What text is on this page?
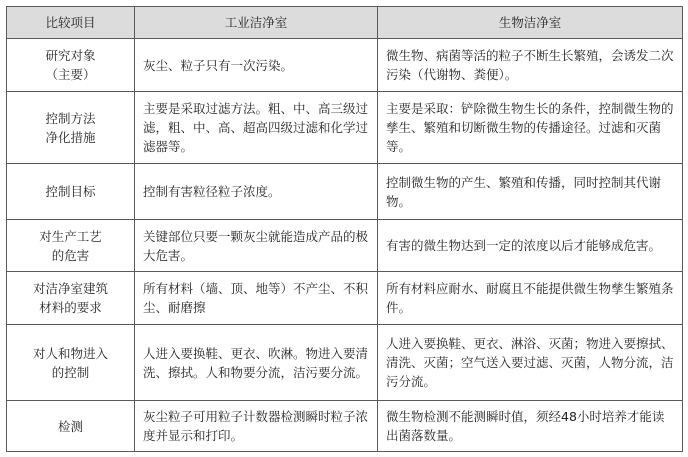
比较项目	工业洁净室	生物洁净室

研究对象
（主要）	灰尘、粒子只有一次污染。	微生物、病菌等活的粒子不断生长繁殖，会诱发二次污染（代谢物、粪便）。

控制方法
净化措施	主要是采取过滤方法。粗、中、高三级过滤，粗、中、高、超高四级过滤和化学过滤器等。	主要是采取：铲除微生物生长的条件，控制微生物的孳生、繁殖和切断微生物的传播途径。过滤和灭菌等。

控制目标	控制有害粒径粒子浓度。	控制微生物的产生、繁殖和传播，同时控制其代谢物。

对生产工艺
的危害	关键部位只要一颗灰尘就能造成产品的极大危害。	有害的微生物达到一定的浓度以后才能够成危害。

对洁净室建筑
材料的要求	所有材料（墙、顶、地等）不产尘、不积尘、耐磨擦	所有材料应耐水、耐腐且不能提供微生物孳生繁殖条件。

对人和物进入
的控制	人进入要换鞋、更衣、吹淋。物进入要清洗、擦拭。人和物要分流，洁污要分流。	人进入要换鞋、更衣、淋浴、灭菌；物进入要擦拭、清洗、灭菌；空气送入要过滤、灭菌，人物分流，洁污分流。

检测	灰尘粒子可用粒子计数器检测瞬时粒子浓度并显示和打印。	微生物检测不能测瞬时值，须经48小时培养才能读出菌落数量。
